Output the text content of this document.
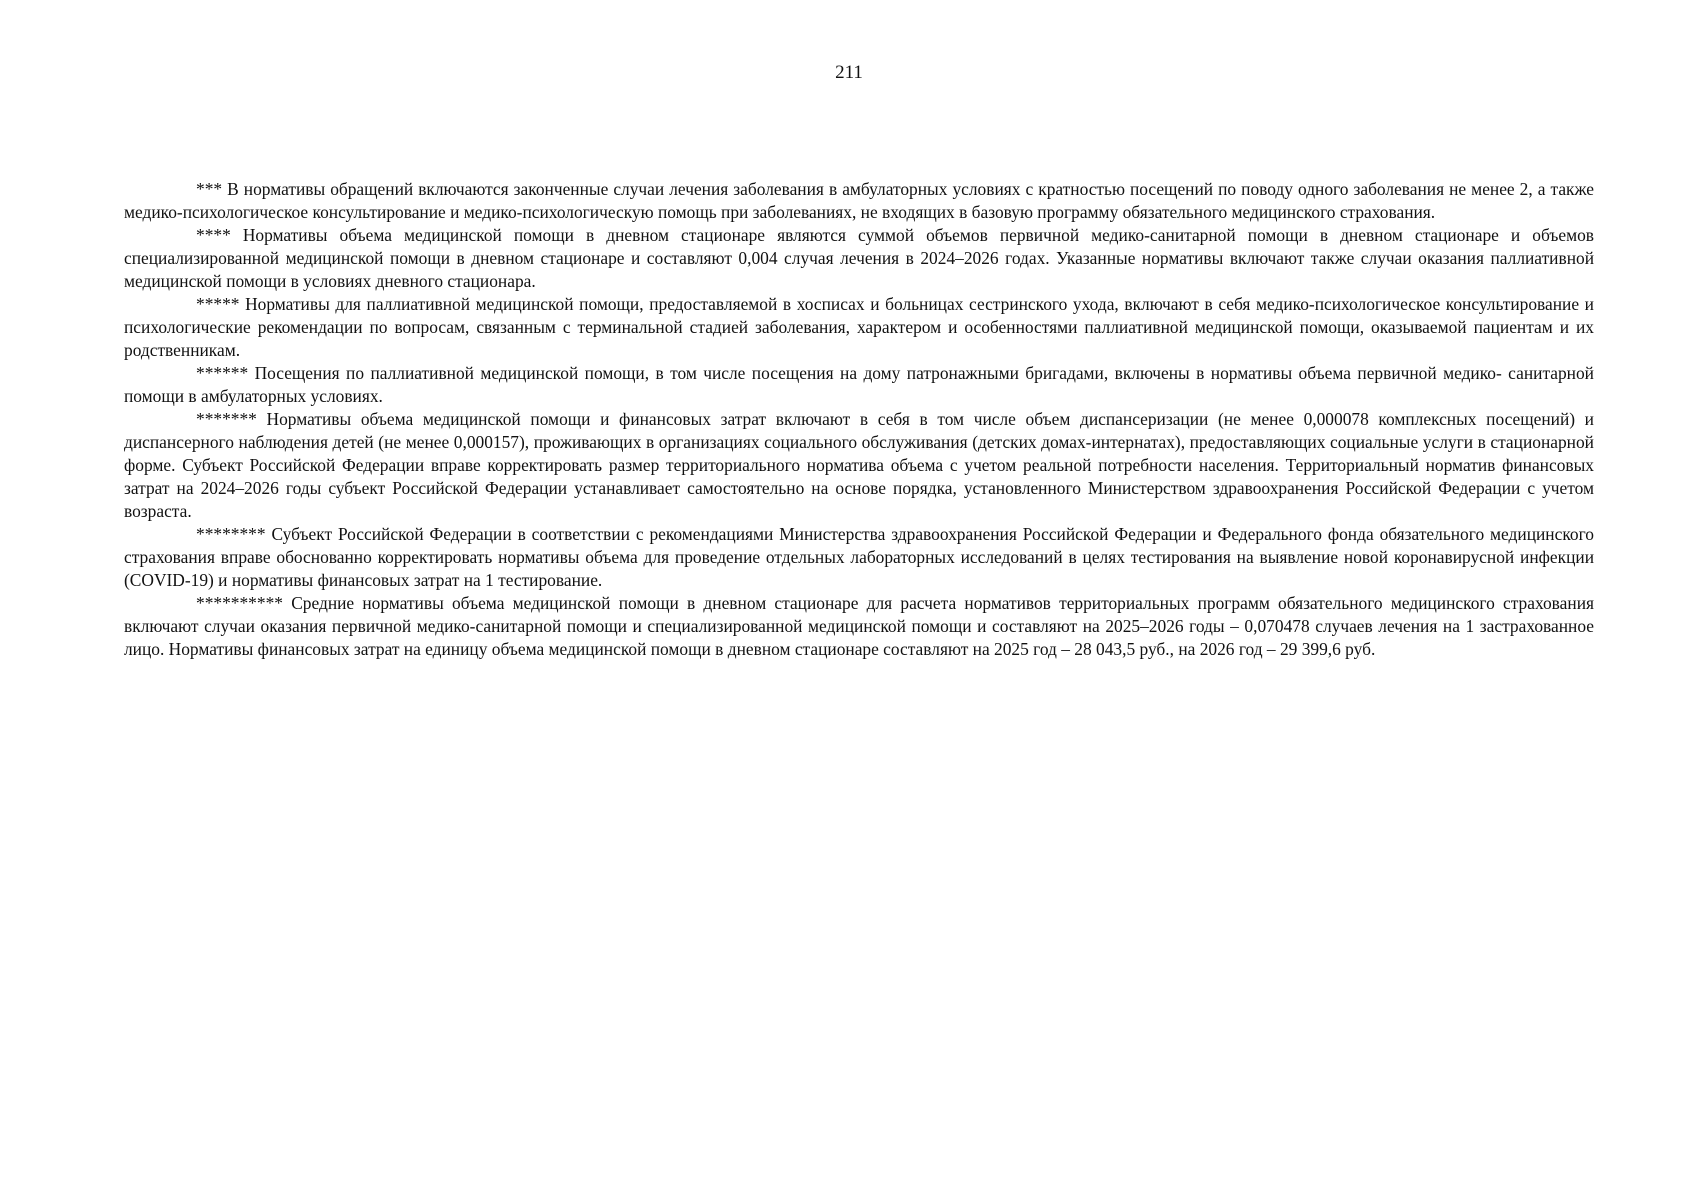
211

*** В нормативы обращений включаются законченные случаи лечения заболевания в амбулаторных условиях с кратностью посещений по поводу одного заболевания не менее 2, а также медико-психологическое консультирование и медико-психологическую помощь при заболеваниях, не входящих в базовую программу обязательного медицинского страхования.

**** Нормативы объема медицинской помощи в дневном стационаре являются суммой объемов первичной медико-санитарной помощи в дневном стационаре и объемов специализированной медицинской помощи в дневном стационаре и составляют 0,004 случая лечения в 2024–2026 годах. Указанные нормативы включают также случаи оказания паллиативной медицинской помощи в условиях дневного стационара.

***** Нормативы для паллиативной медицинской помощи, предоставляемой в хосписах и больницах сестринского ухода, включают в себя медико-психологическое консультирование и психологические рекомендации по вопросам, связанным с терминальной стадией заболевания, характером и особенностями паллиативной медицинской помощи, оказываемой пациентам и их родственникам.

****** Посещения по паллиативной медицинской помощи, в том числе посещения на дому патронажными бригадами, включены в нормативы объема первичной медико- санитарной помощи в амбулаторных условиях.

******* Нормативы объема медицинской помощи и финансовых затрат включают в себя в том числе объем диспансеризации (не менее 0,000078 комплексных посещений) и диспансерного наблюдения детей (не менее 0,000157), проживающих в организациях социального обслуживания (детских домах-интернатах), предоставляющих социальные услуги в стационарной форме. Субъект Российской Федерации вправе корректировать размер территориального норматива объема с учетом реальной потребности населения. Территориальный норматив финансовых затрат на 2024–2026 годы субъект Российской Федерации устанавливает самостоятельно на основе порядка, установленного Министерством здравоохранения Российской Федерации с учетом возраста.

******** Субъект Российской Федерации в соответствии с рекомендациями Министерства здравоохранения Российской Федерации и Федерального фонда обязательного медицинского страхования вправе обоснованно корректировать нормативы объема для проведение отдельных лабораторных исследований в целях тестирования на выявление новой коронавирусной инфекции (COVID-19) и нормативы финансовых затрат на 1 тестирование.

********** Средние нормативы объема медицинской помощи в дневном стационаре для расчета нормативов территориальных программ обязательного медицинского страхования включают случаи оказания первичной медико-санитарной помощи и специализированной медицинской помощи и составляют на 2025–2026 годы – 0,070478 случаев лечения на 1 застрахованное лицо. Нормативы финансовых затрат на единицу объема медицинской помощи в дневном стационаре составляют на 2025 год – 28 043,5 руб., на 2026 год – 29 399,6 руб.
